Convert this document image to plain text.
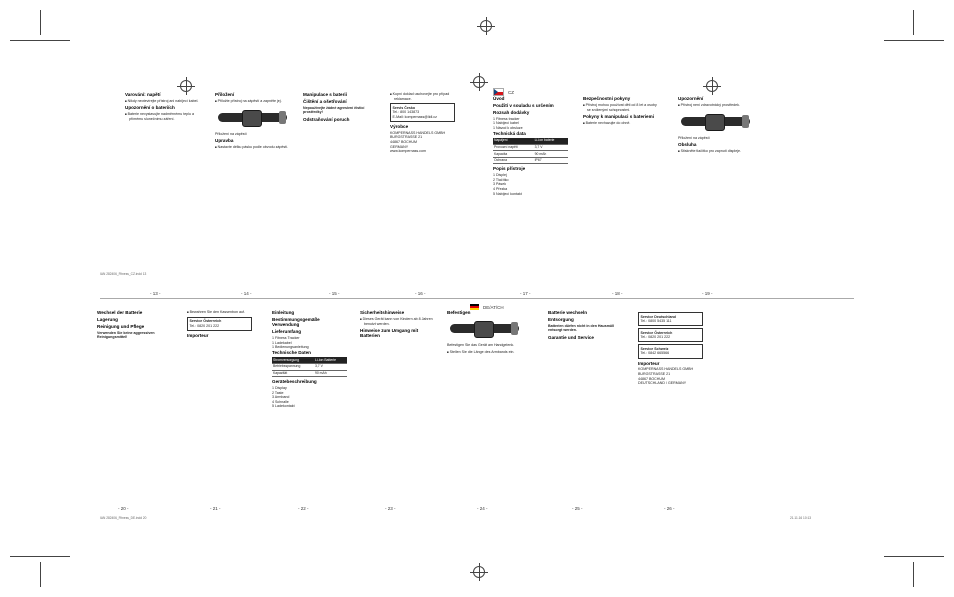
CZ
Varování: napětí

■ Nikdy neotevírejte přístroj ani nabíjecí kabel.

Upozornění o bateriích

■ Baterie nevystavujte nadměrnému teplu a přímému slunečnímu záření.

Přiložení

■ Přiložte přístroj na zápěstí a zapněte jej.

Přiložení na zápěstí
Upravba

■ Nastavte délku pásku podle obvodu zápěstí.

Manipulace s baterií
Čištění a ošetřování

Nepoužívejte žádné agresivní čisticí prostředky!

Odstraňování poruch

■ Kupní doklad uschovejte pro případ reklamace.

Servis Česko
Tel.: 800 143873
E-Mail: kompernass@lidl.cz
Výrobce
KOMPERNASS HANDELS GMBH
BURGSTRASSE 21
44867 BOCHUM
GERMANY
www.kompernass.com
Úvod
Použití v souladu s určením
Rozsah dodávky
1 Fitness tracker
1 Nabíjecí kabel
1 Návod k obsluze
Technická data
Napájení	Li-Ion baterie
Provozní napětí	3,7 V
Kapacita	90 mAh
Ochrana	IP67
Popis přístroje
1 Displej
2 Tlačítko
3 Pásek
4 Přezka
5 Nabíjecí kontakt
Bezpečnostní pokyny

■ Přístroj mohou používat děti od 8 let a osoby se sníženými schopnostmi.

Pokyny k manipulaci s bateriemi

■ Baterie nevhazujte do ohně.

Upozornění

■ Přístroj není zdravotnický prostředek.

Přiložení na zápěstí
Obsluha

■ Stiskněte tlačítko pro zapnutí displeje.

- 13 -	- 14 -	- 15 -	- 16 -	- 17 -	- 18 -	- 19 -
DE/AT/CH
Wechsel der Batterie
Lagerung
Reinigung und Pflege

Verwenden Sie keine aggressiven Reinigungsmittel!

■ Bewahren Sie den Kassenbon auf.

Service Österreich
Tel.: 0820 201 222
Importeur
Einleitung
Bestimmungsgemäße Verwendung
Lieferumfang
1 Fitness Tracker
1 Ladekabel
1 Bedienungsanleitung
Technische Daten
Stromversorgung	Li-Ion Batterie
Betriebsspannung	3,7 V
Kapazität	90 mAh
Gerätebeschreibung
1 Display
2 Taste
3 Armband
4 Schnalle
5 Ladekontakt
Sicherheitshinweise

■ Dieses Gerät kann von Kindern ab 8 Jahren benutzt werden.

Hinweise zum Umgang mit Batterien
Befestigen
Befestigen Sie das Gerät am Handgelenk.

■ Stellen Sie die Länge des Armbands ein.

Batterie wechseln
Entsorgung

Batterien dürfen nicht in den Hausmüll entsorgt werden.

Garantie und Service
Service Deutschland
Tel.: 0800 5435 111
Service Österreich
Tel.: 0820 201 222
Service Schweiz
Tel.: 0842 665566
Importeur
KOMPERNASS HANDELS GMBH
BURGSTRASSE 21
44867 BOCHUM
DEUTSCHLAND / GERMANY
- 20 -	- 21 -	- 22 -	- 23 -	- 24 -	- 25 -	- 26 -
IAN 282406_Fitness_CZ.indd 13
IAN 282406_Fitness_DE.indd 20	21.11.16 10:13
